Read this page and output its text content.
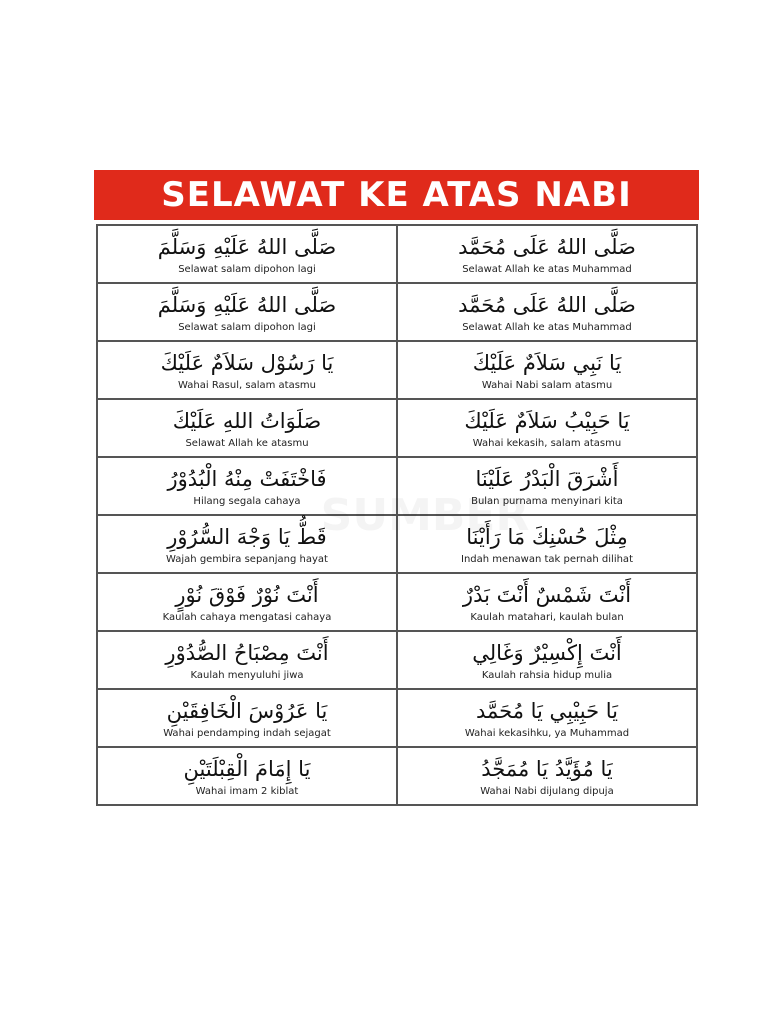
SELAWAT KE ATAS NABI
صَلَّى اللهُ عَلَيْهِ وَسَلَّمَ
Selawat salam dipohon lagi
صَلَّى اللهُ عَلَى مُحَمَّد
Selawat Allah ke atas Muhammad
صَلَّى اللهُ عَلَيْهِ وَسَلَّمَ
Selawat salam dipohon lagi
صَلَّى اللهُ عَلَى مُحَمَّد
Selawat Allah ke atas Muhammad
يَا رَسُوْل سَلاَمٌ عَلَيْكَ
Wahai Rasul, salam atasmu
يَا نَبِي سَلاَمٌ عَلَيْكَ
Wahai Nabi salam atasmu
صَلَوَاتُ اللهِ عَلَيْكَ
Selawat Allah ke atasmu
يَا حَبِيْبُ سَلاَمٌ عَلَيْكَ
Wahai kekasih, salam atasmu
فَاخْتَفَتْ مِنْهُ الْبُدُوْرُ
Hilang segala cahaya
أَشْرَقَ الْبَدْرُ عَلَيْنَا
Bulan purnama menyinari kita
قَطُّ يَا وَجْهَ السُّرُوْرِ
Wajah gembira sepanjang hayat
مِثْلَ حُسْنِكَ مَا رَأَيْنَا
Indah menawan tak pernah dilihat
أَنْتَ نُوْرٌ فَوْقَ نُوْرٍ
Kaulah cahaya mengatasi cahaya
أَنْتَ شَمْسٌ أَنْتَ بَدْرٌ
Kaulah matahari, kaulah bulan
أَنْتَ مِصْبَاحُ الصُّدُوْرِ
Kaulah menyuluhi jiwa
أَنْتَ إِكْسِيْرٌ وَغَالِي
Kaulah rahsia hidup mulia
يَا عَرُوْسَ الْخَافِقَيْنِ
Wahai pendamping indah sejagat
يَا حَبِيْبِي يَا مُحَمَّد
Wahai kekasihku, ya Muhammad
يَا إِمَامَ الْقِبْلَتَيْنِ
Wahai imam 2 kiblat
يَا مُؤَيَّدُ يَا مُمَجَّدُ
Wahai Nabi dijulang dipuja
